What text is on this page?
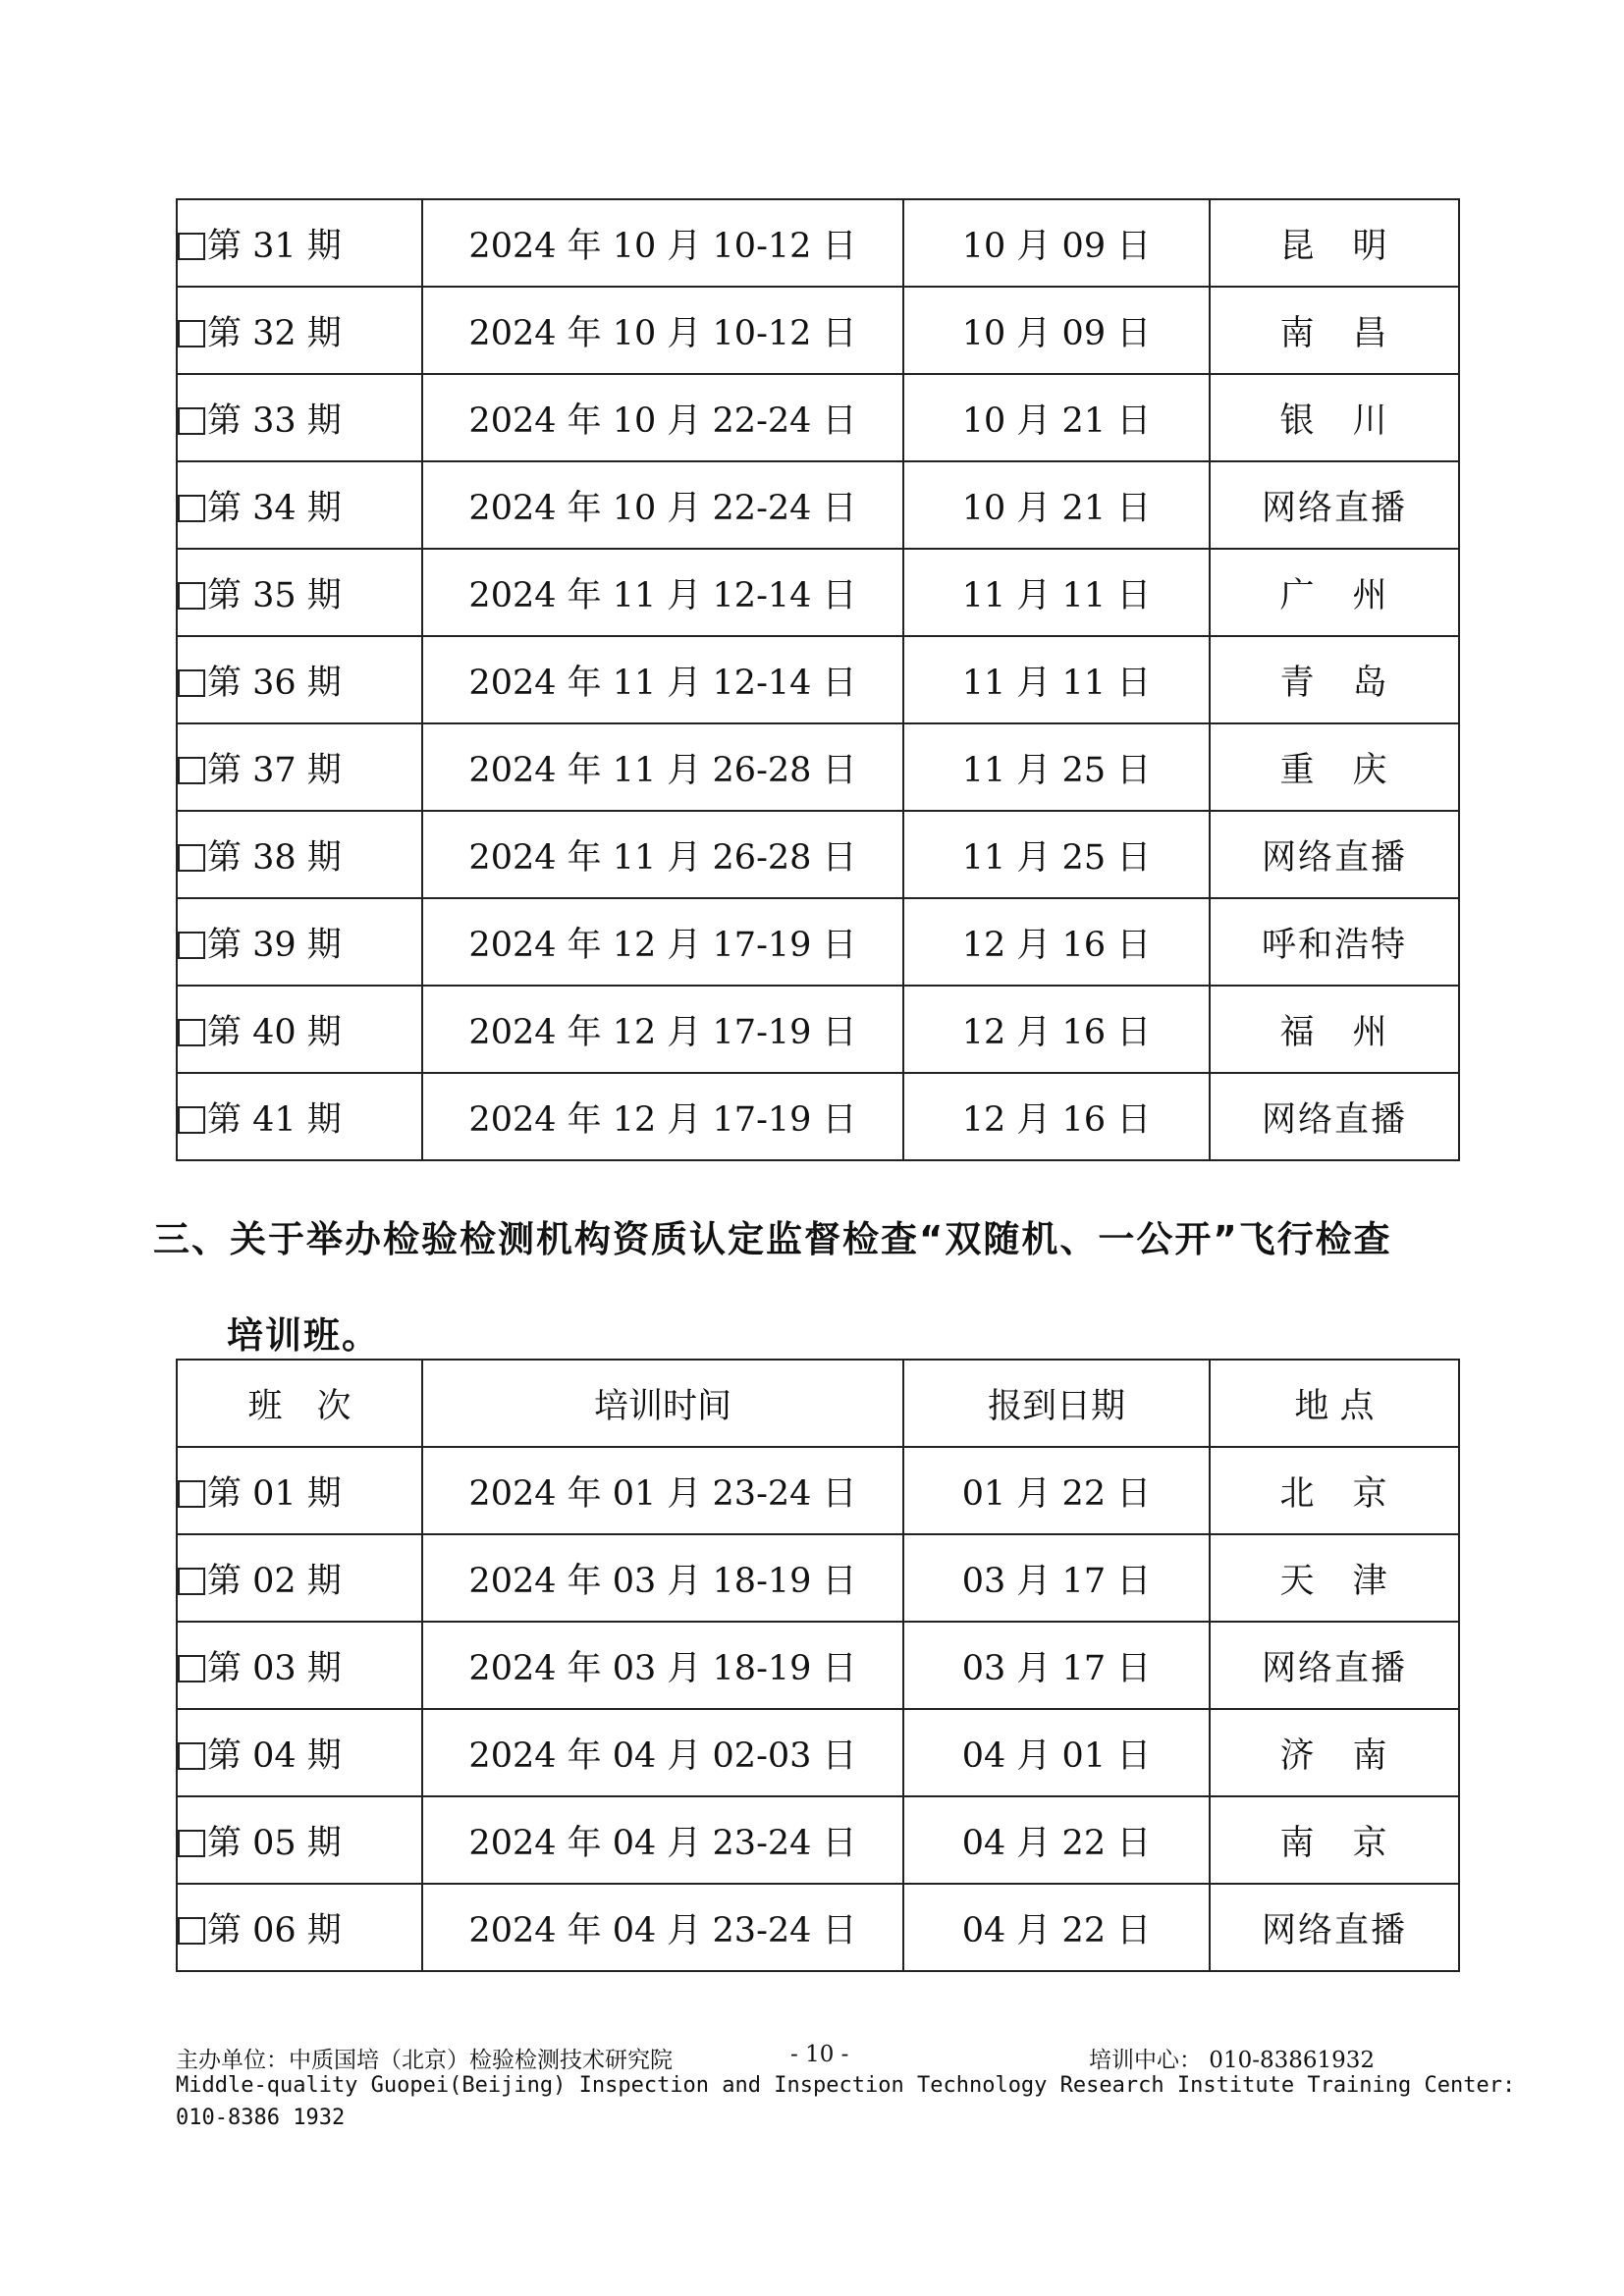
第 31 期	2024 年 10 月 10-12 日	10 月 09 日	昆　明
第 32 期	2024 年 10 月 10-12 日	10 月 09 日	南　昌
第 33 期	2024 年 10 月 22-24 日	10 月 21 日	银　川
第 34 期	2024 年 10 月 22-24 日	10 月 21 日	网络直播
第 35 期	2024 年 11 月 12-14 日	11 月 11 日	广　州
第 36 期	2024 年 11 月 12-14 日	11 月 11 日	青　岛
第 37 期	2024 年 11 月 26-28 日	11 月 25 日	重　庆
第 38 期	2024 年 11 月 26-28 日	11 月 25 日	网络直播
第 39 期	2024 年 12 月 17-19 日	12 月 16 日	呼和浩特
第 40 期	2024 年 12 月 17-19 日	12 月 16 日	福　州
第 41 期	2024 年 12 月 17-19 日	12 月 16 日	网络直播
三、关于举办检验检测机构资质认定监督检查“双随机、一公开”飞行检查
培训班。
班　次	培训时间	报到日期	地 点
第 01 期	2024 年 01 月 23-24 日	01 月 22 日	北　京
第 02 期	2024 年 03 月 18-19 日	03 月 17 日	天　津
第 03 期	2024 年 03 月 18-19 日	03 月 17 日	网络直播
第 04 期	2024 年 04 月 02-03 日	04 月 01 日	济　南
第 05 期	2024 年 04 月 23-24 日	04 月 22 日	南　京
第 06 期	2024 年 04 月 23-24 日	04 月 22 日	网络直播
主办单位：中质国培（北京）检验检测技术研究院	- 10 -	培训中心： 010-83861932
Middle-quality Guopei(Beijing) Inspection and Inspection Technology Research Institute Training Center:
010-8386 1932
